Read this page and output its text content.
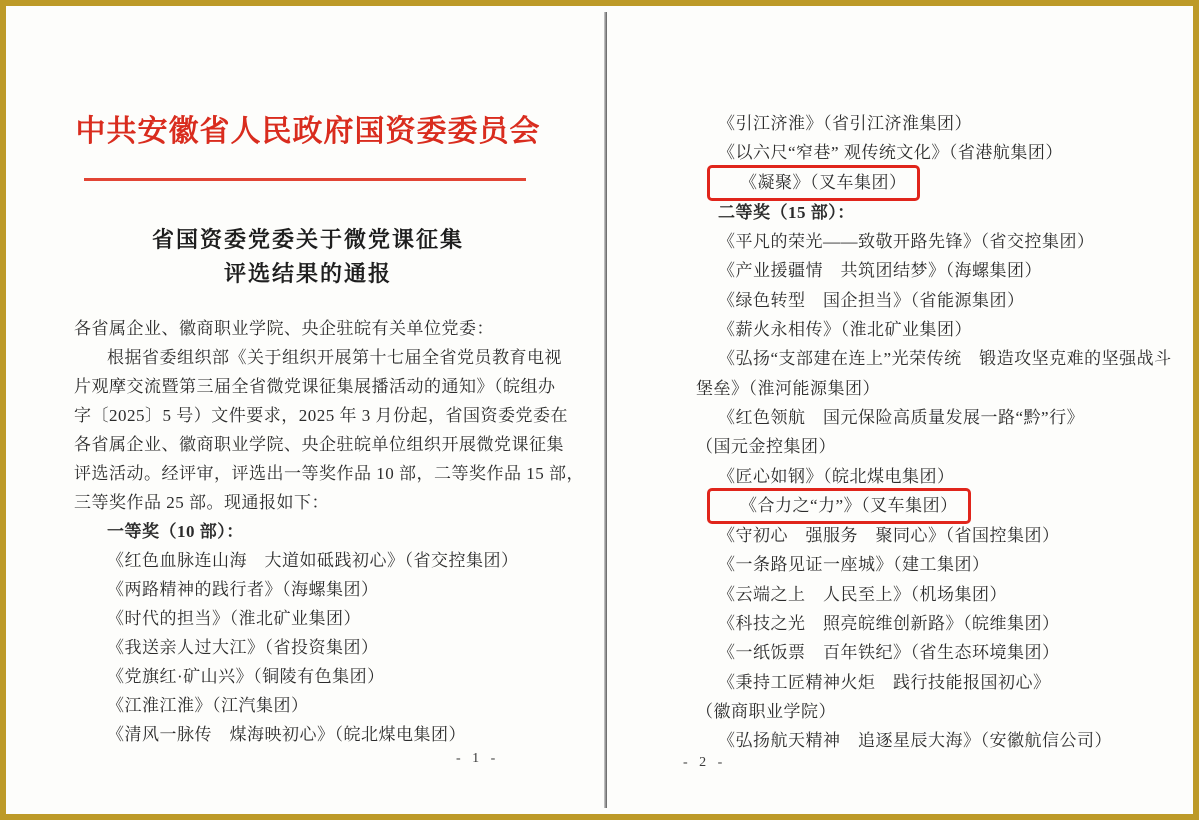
中共安徽省人民政府国资委委员会
省国资委党委关于微党课征集
评选结果的通报
各省属企业、徽商职业学院、央企驻皖有关单位党委：
根据省委组织部《关于组织开展第十七届全省党员教育电视
片观摩交流暨第三届全省微党课征集展播活动的通知》（皖组办
字〔2025〕5 号）文件要求，2025 年 3 月份起，省国资委党委在
各省属企业、徽商职业学院、央企驻皖单位组织开展微党课征集
评选活动。经评审，评选出一等奖作品 10 部，二等奖作品 15 部，
三等奖作品 25 部。现通报如下：
一等奖（10 部）：
《红色血脉连山海　大道如砥践初心》（省交控集团）
《两路精神的践行者》（海螺集团）
《时代的担当》（淮北矿业集团）
《我送亲人过大江》（省投资集团）
《党旗红·矿山兴》（铜陵有色集团）
《江淮江淮》（江汽集团）
《清风一脉传　煤海映初心》（皖北煤电集团）
- 1 -
《引江济淮》（省引江济淮集团）
《以六尺“窄巷” 观传统文化》（省港航集团）
《凝聚》（叉车集团）
二等奖（15 部）：
《平凡的荣光——致敬开路先锋》（省交控集团）
《产业援疆情　共筑团结梦》（海螺集团）
《绿色转型　国企担当》（省能源集团）
《薪火永相传》（淮北矿业集团）
《弘扬“支部建在连上”光荣传统　锻造攻坚克难的坚强战斗
堡垒》（淮河能源集团）
《红色领航　国元保险高质量发展一路“黔”行》
（国元金控集团）
《匠心如钢》（皖北煤电集团）
《合力之“力”》（叉车集团）
《守初心　强服务　聚同心》（省国控集团）
《一条路见证一座城》（建工集团）
《云端之上　人民至上》（机场集团）
《科技之光　照亮皖维创新路》（皖维集团）
《一纸饭票　百年铁纪》（省生态环境集团）
《秉持工匠精神火炬　践行技能报国初心》
（徽商职业学院）
《弘扬航天精神　追逐星辰大海》（安徽航信公司）
- 2 -
